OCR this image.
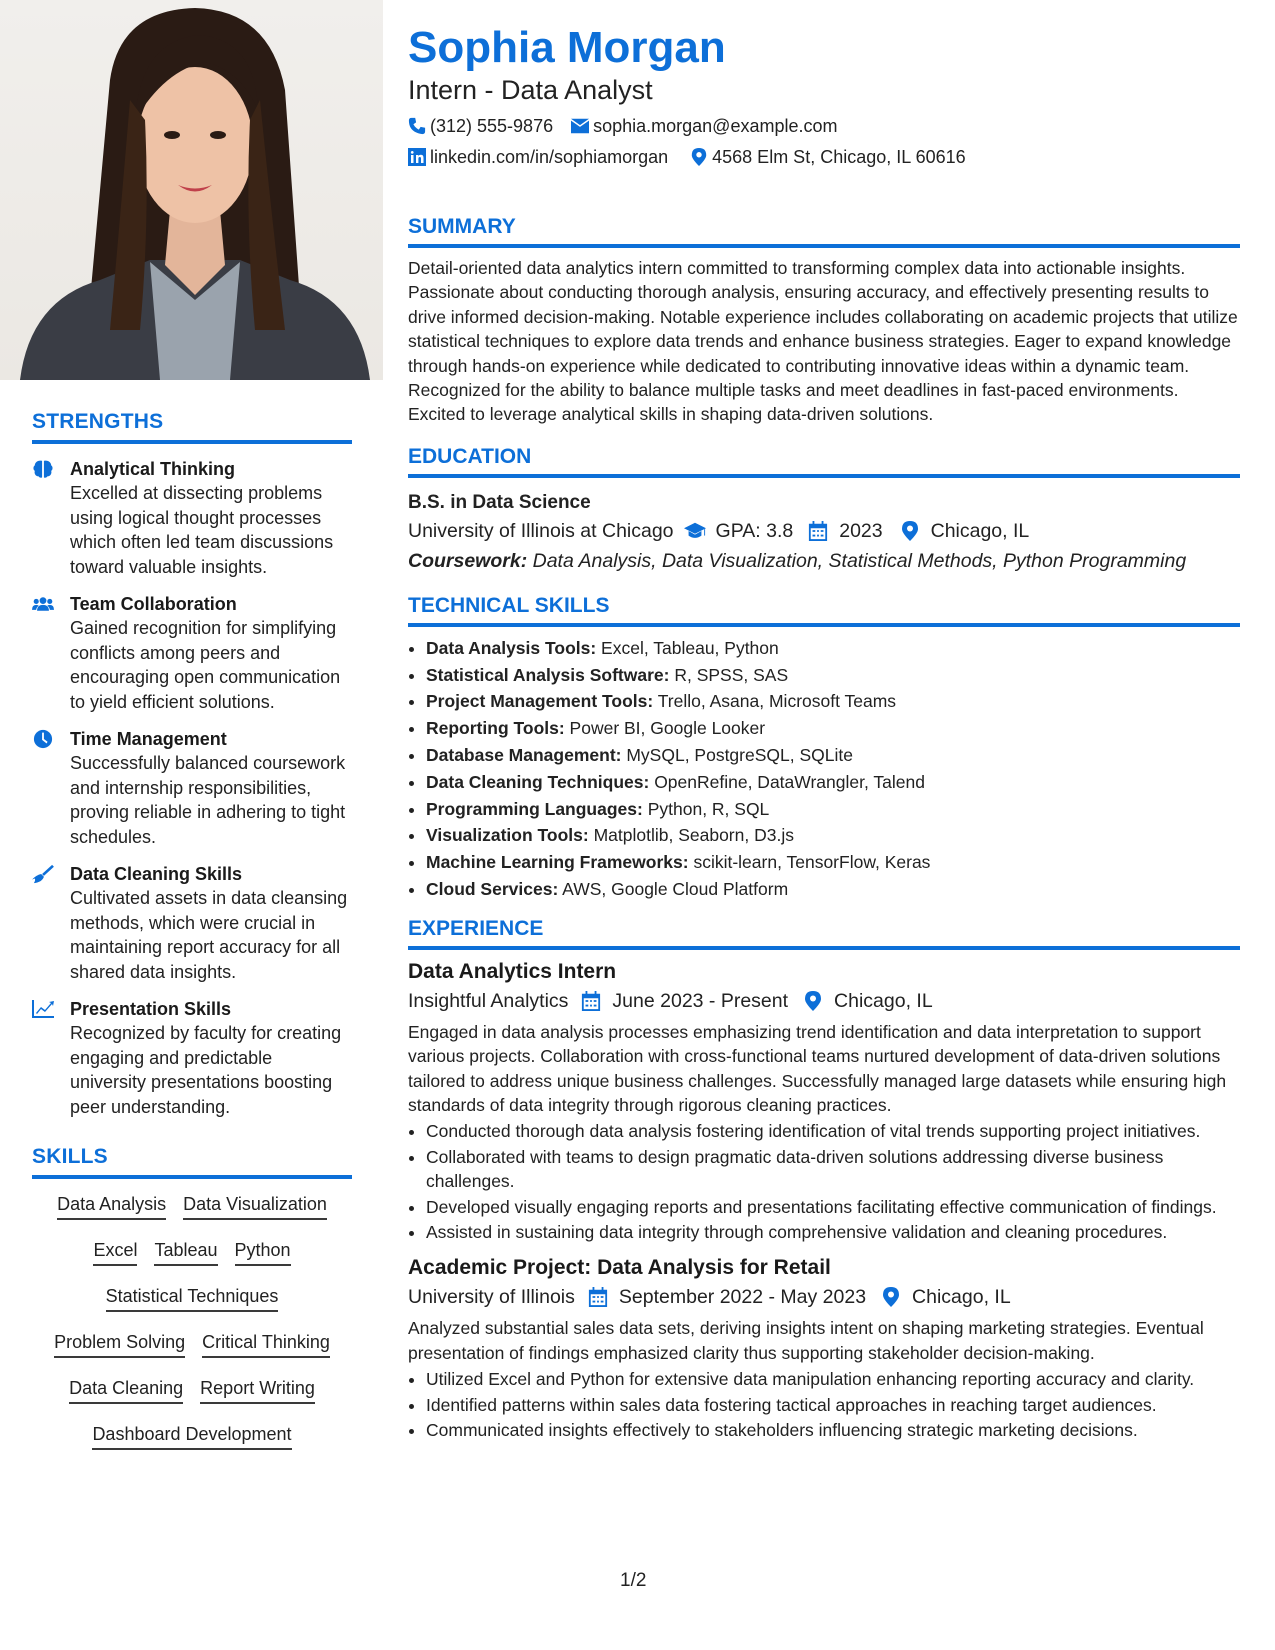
STRENGTHS
Analytical Thinking
Excelled at dissecting problems using logical thought processes which often led team discussions toward valuable insights.
Team Collaboration
Gained recognition for simplifying conflicts among peers and encouraging open communication to yield efficient solutions.
Time Management
Successfully balanced coursework and internship responsibilities, proving reliable in adhering to tight schedules.
Data Cleaning Skills
Cultivated assets in data cleansing methods, which were crucial in maintaining report accuracy for all shared data insights.
Presentation Skills
Recognized by faculty for creating engaging and predictable university presentations boosting peer understanding.
SKILLS
Data Analysis Data Visualization
Excel Tableau Python
Statistical Techniques
Problem Solving Critical Thinking
Data Cleaning Report Writing
Dashboard Development
Sophia Morgan
Intern - Data Analyst
(312) 555-9876 sophia.morgan@example.com
linkedin.com/in/sophiamorgan 4568 Elm St, Chicago, IL 60616
SUMMARY
Detail-oriented data analytics intern committed to transforming complex data into actionable insights. Passionate about conducting thorough analysis, ensuring accuracy, and effectively presenting results to drive informed decision-making. Notable experience includes collaborating on academic projects that utilize statistical techniques to explore data trends and enhance business strategies. Eager to expand knowledge through hands-on experience while dedicated to contributing innovative ideas within a dynamic team. Recognized for the ability to balance multiple tasks and meet deadlines in fast-paced environments. Excited to leverage analytical skills in shaping data-driven solutions.
EDUCATION
B.S. in Data Science
University of Illinois at Chicago GPA: 3.8 2023 Chicago, IL
Coursework: Data Analysis, Data Visualization, Statistical Methods, Python Programming
TECHNICAL SKILLS
• Data Analysis Tools: Excel, Tableau, Python
• Statistical Analysis Software: R, SPSS, SAS
• Project Management Tools: Trello, Asana, Microsoft Teams
• Reporting Tools: Power BI, Google Looker
• Database Management: MySQL, PostgreSQL, SQLite
• Data Cleaning Techniques: OpenRefine, DataWrangler, Talend
• Programming Languages: Python, R, SQL
• Visualization Tools: Matplotlib, Seaborn, D3.js
• Machine Learning Frameworks: scikit-learn, TensorFlow, Keras
• Cloud Services: AWS, Google Cloud Platform
EXPERIENCE
Data Analytics Intern
Insightful Analytics June 2023 - Present Chicago, IL
Engaged in data analysis processes emphasizing trend identification and data interpretation to support various projects. Collaboration with cross-functional teams nurtured development of data-driven solutions tailored to address unique business challenges. Successfully managed large datasets while ensuring high standards of data integrity through rigorous cleaning practices.
• Conducted thorough data analysis fostering identification of vital trends supporting project initiatives.
• Collaborated with teams to design pragmatic data-driven solutions addressing diverse business challenges.
• Developed visually engaging reports and presentations facilitating effective communication of findings.
• Assisted in sustaining data integrity through comprehensive validation and cleaning procedures.
Academic Project: Data Analysis for Retail
University of Illinois September 2022 - May 2023 Chicago, IL
Analyzed substantial sales data sets, deriving insights intent on shaping marketing strategies. Eventual presentation of findings emphasized clarity thus supporting stakeholder decision-making.
• Utilized Excel and Python for extensive data manipulation enhancing reporting accuracy and clarity.
• Identified patterns within sales data fostering tactical approaches in reaching target audiences.
• Communicated insights effectively to stakeholders influencing strategic marketing decisions.
1/2
